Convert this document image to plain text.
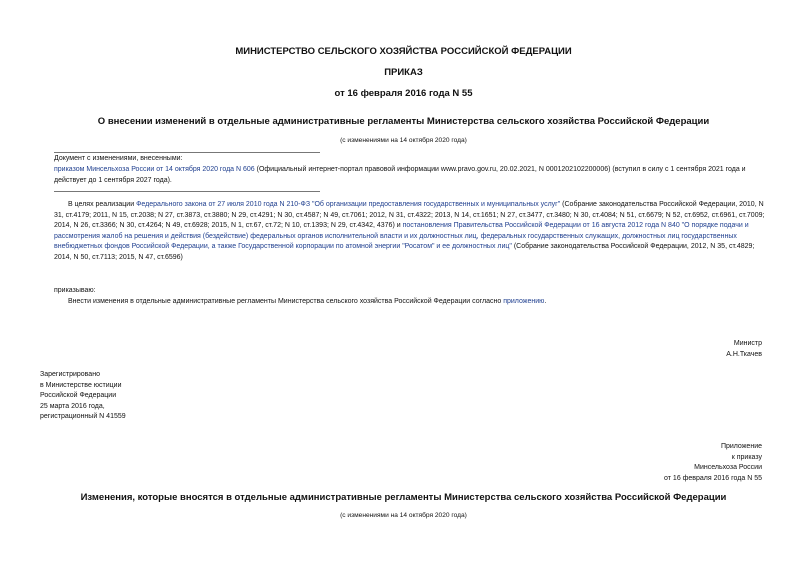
МИНИСТЕРСТВО СЕЛЬСКОГО ХОЗЯЙСТВА РОССИЙСКОЙ ФЕДЕРАЦИИ
ПРИКАЗ
от 16 февраля 2016 года N 55
О внесении изменений в отдельные административные регламенты Министерства сельского хозяйства Российской Федерации
(с изменениями на 14 октября 2020 года)
Документ с изменениями, внесенными:
приказом Минсельхоза России от 14 октября 2020 года N 606 (Официальный интернет-портал правовой информации www.pravo.gov.ru, 20.02.2021, N 0001202102200006) (вступил в силу с 1 сентября 2021 года и действует до 1 сентября 2027 года).
В целях реализации Федерального закона от 27 июля 2010 года N 210-ФЗ "Об организации предоставления государственных и муниципальных услуг" (Собрание законодательства Российской Федерации, 2010, N 31, ст.4179; 2011, N 15, ст.2038; N 27, ст.3873, ст.3880; N 29, ст.4291; N 30, ст.4587; N 49, ст.7061; 2012, N 31, ст.4322; 2013, N 14, ст.1651; N 27, ст.3477, ст.3480; N 30, ст.4084; N 51, ст.6679; N 52, ст.6952, ст.6961, ст.7009; 2014, N 26, ст.3366; N 30, ст.4264; N 49, ст.6928; 2015, N 1, ст.67, ст.72; N 10, ст.1393; N 29, ст.4342, 4376) и постановления Правительства Российской Федерации от 16 августа 2012 года N 840 "О порядке подачи и рассмотрения жалоб на решения и действия (бездействие) федеральных органов исполнительной власти и их должностных лиц, федеральных государственных служащих, должностных лиц государственных внебюджетных фондов Российской Федерации, а также Государственной корпорации по атомной энергии "Росатом" и ее должностных лиц" (Собрание законодательства Российской Федерации, 2012, N 35, ст.4829; 2014, N 50, ст.7113; 2015, N 47, ст.6596)
приказываю:
Внести изменения в отдельные административные регламенты Министерства сельского хозяйства Российской Федерации согласно приложению.
Министр
А.Н.Ткачев
Зарегистрировано
в Министерстве юстиции
Российской Федерации
25 марта 2016 года,
регистрационный N 41559
Приложение
к приказу
Минсельхоза России
от 16 февраля 2016 года N 55
Изменения, которые вносятся в отдельные административные регламенты Министерства сельского хозяйства Российской Федерации
(с изменениями на 14 октября 2020 года)
